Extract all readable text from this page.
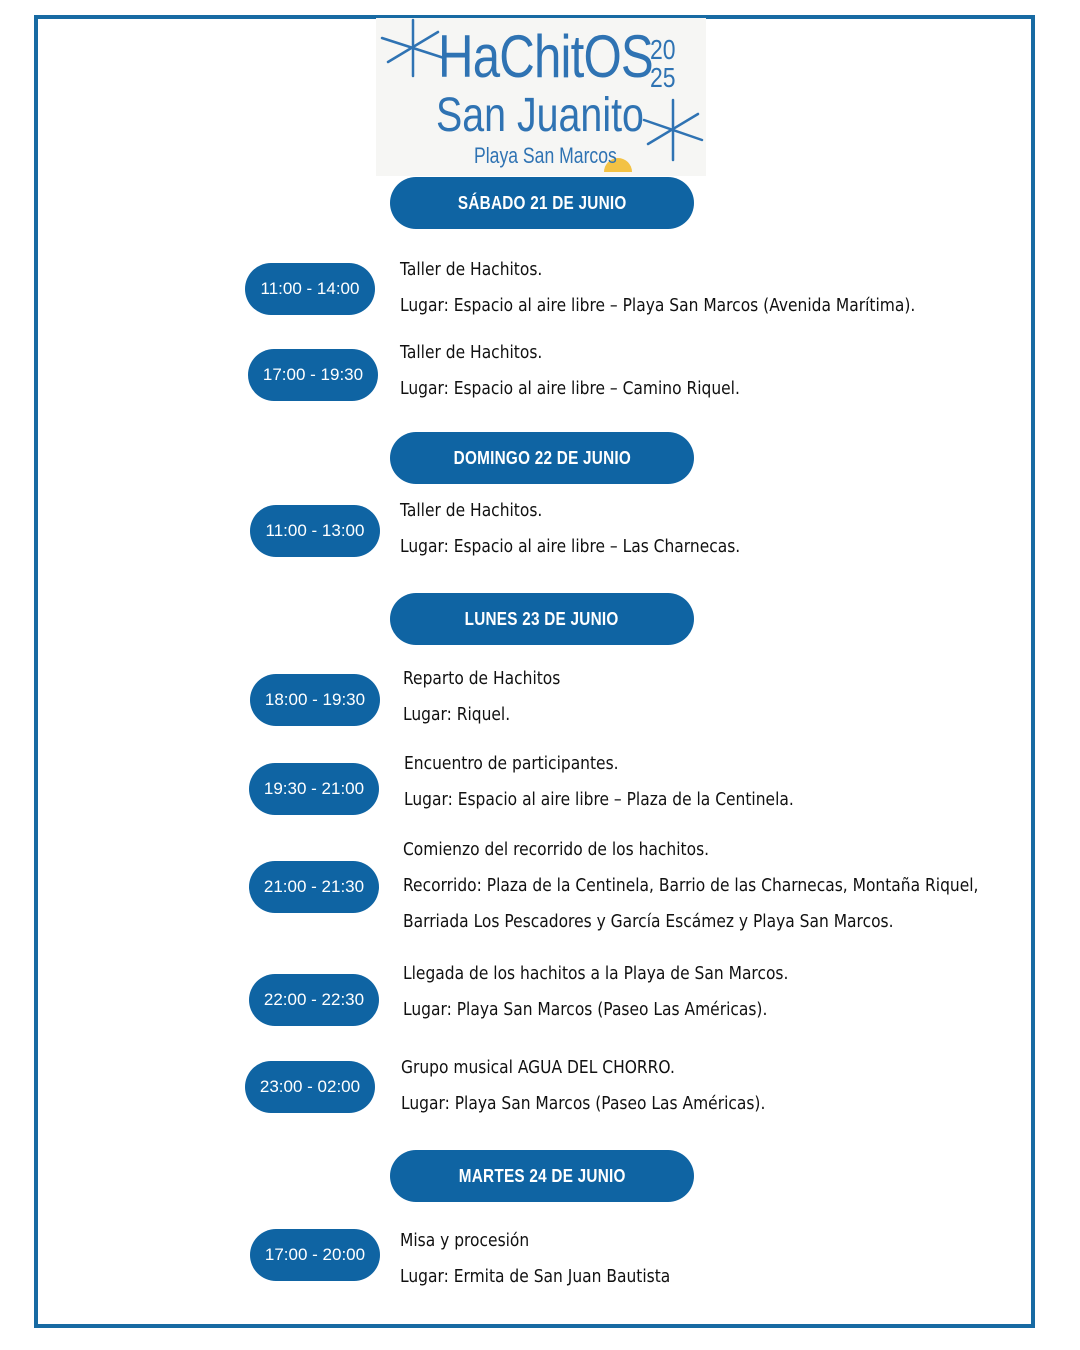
HaChitOS
20
25
San Juanito
Playa San Marcos
SÁBADO 21 DE JUNIO
11:00 - 14:00
Taller de Hachitos.
Lugar: Espacio al aire libre – Playa San Marcos (Avenida Marítima).
17:00 - 19:30
Taller de Hachitos.
Lugar: Espacio al aire libre – Camino Riquel.
DOMINGO 22 DE JUNIO
11:00 - 13:00
Taller de Hachitos.
Lugar: Espacio al aire libre – Las Charnecas.
LUNES 23 DE JUNIO
18:00 - 19:30
Reparto de Hachitos
Lugar: Riquel.
19:30 - 21:00
Encuentro de participantes.
Lugar: Espacio al aire libre – Plaza de la Centinela.
21:00 - 21:30
Comienzo del recorrido de los hachitos.
Recorrido: Plaza de la Centinela, Barrio de las Charnecas, Montaña Riquel,
Barriada Los Pescadores y García Escámez y Playa San Marcos.
22:00 - 22:30
Llegada de los hachitos a la Playa de San Marcos.
Lugar: Playa San Marcos (Paseo Las Américas).
23:00 - 02:00
Grupo musical AGUA DEL CHORRO.
Lugar: Playa San Marcos (Paseo Las Américas).
MARTES 24 DE JUNIO
17:00 - 20:00
Misa y procesión
Lugar: Ermita de San Juan Bautista
